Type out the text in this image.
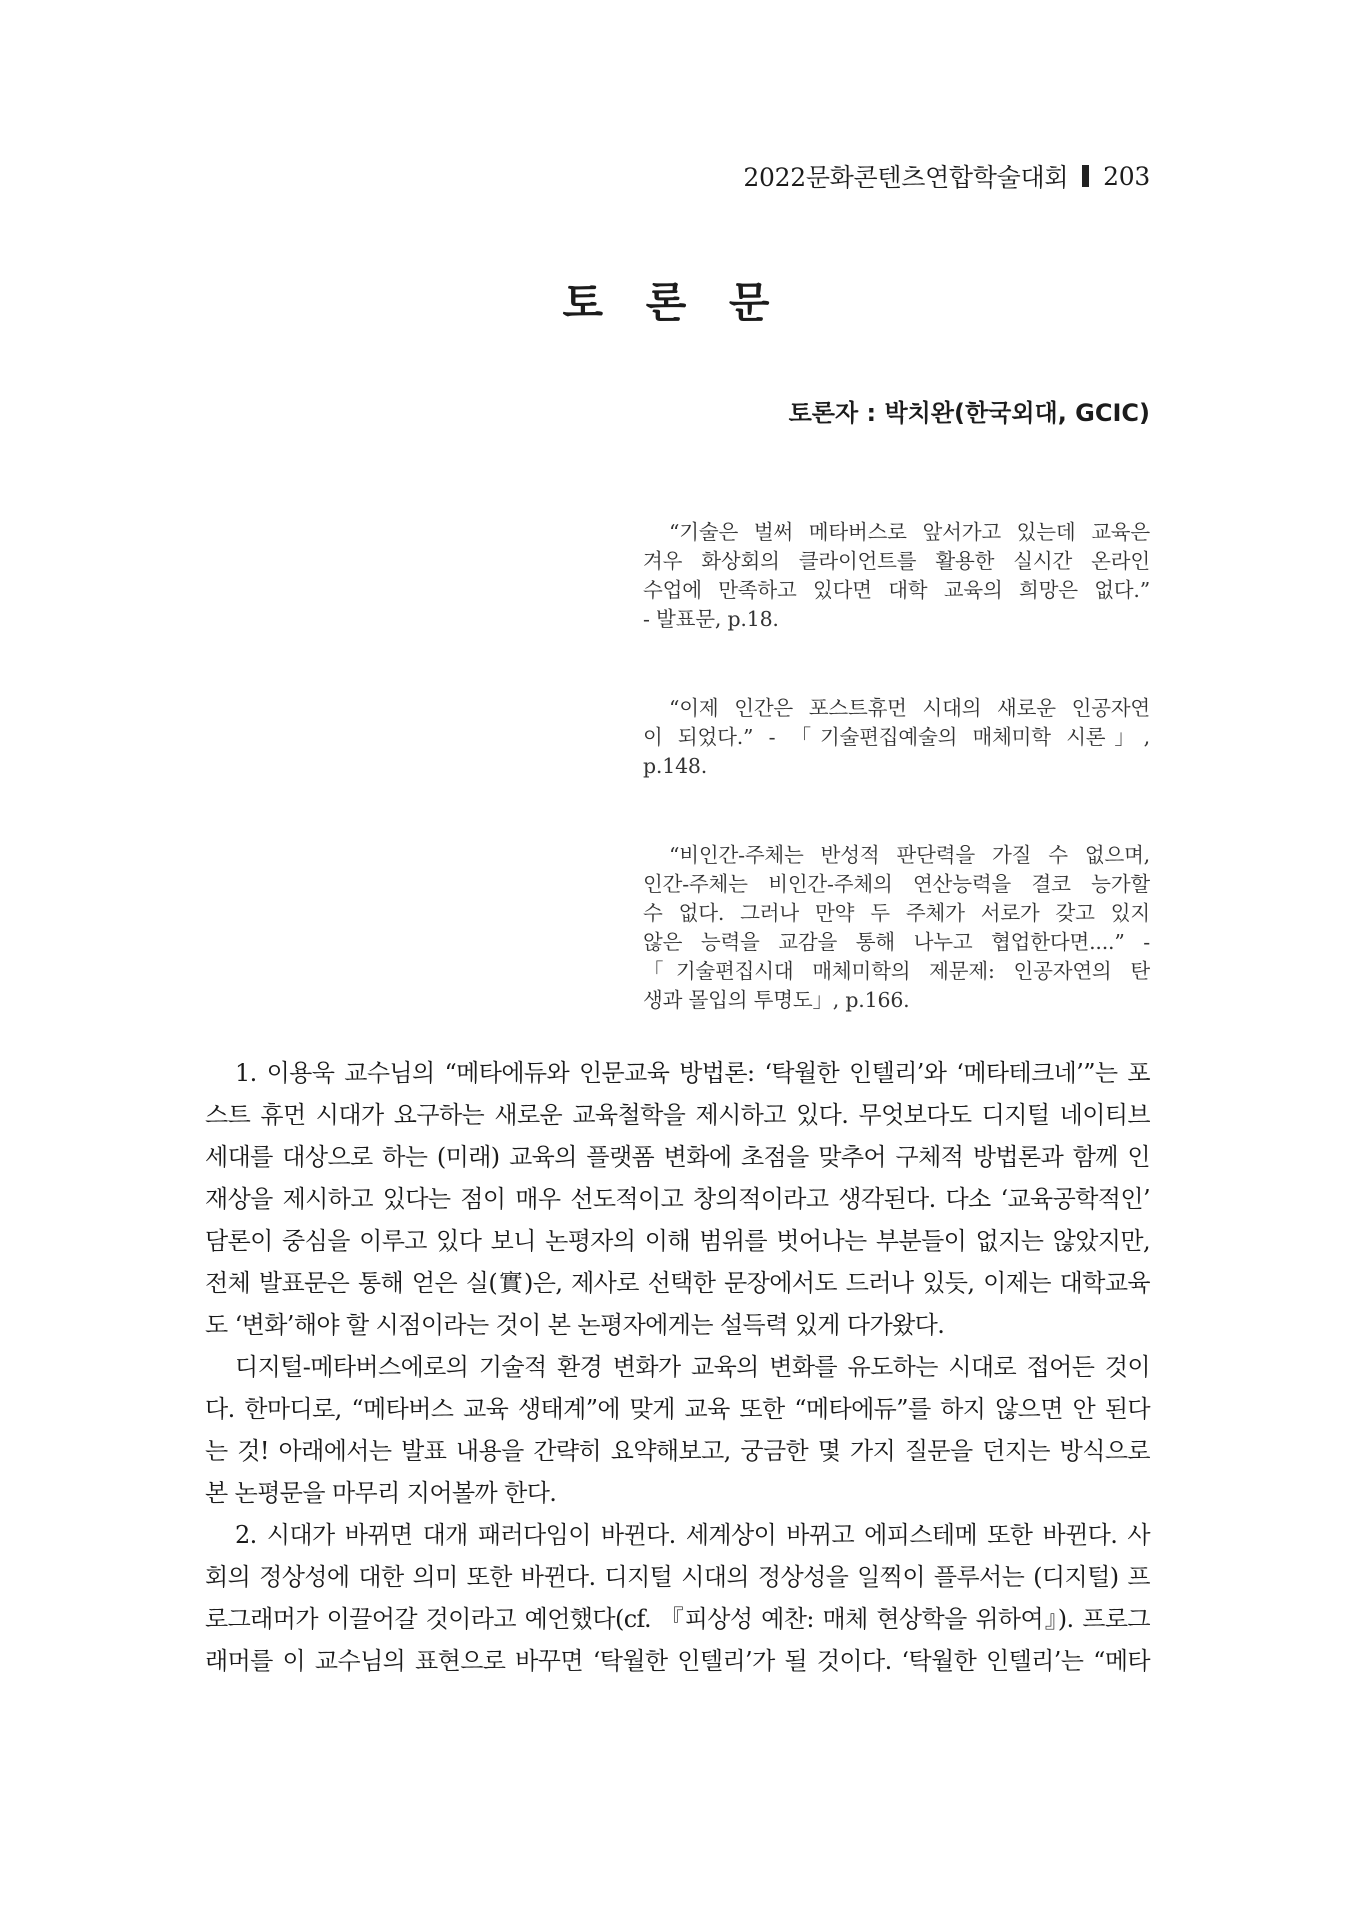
2022문화콘텐츠연합학술대회 203
토 론 문
토론자 : 박치완(한국외대, GCIC)
“기술은 벌써 메타버스로 앞서가고 있는데 교육은
겨우 화상회의 클라이언트를 활용한 실시간 온라인
수업에 만족하고 있다면 대학 교육의 희망은 없다.”
- 발표문, p.18.
“이제 인간은 포스트휴먼 시대의 새로운 인공자연
이 되었다.” - 「기술편집예술의 매체미학 시론」,
p.148.
“비인간-주체는 반성적 판단력을 가질 수 없으며,
인간-주체는 비인간-주체의 연산능력을 결코 능가할
수 없다. 그러나 만약 두 주체가 서로가 갖고 있지
않은 능력을 교감을 통해 나누고 협업한다면....” -
「기술편집시대 매체미학의 제문제: 인공자연의 탄
생과 몰입의 투명도」, p.166.
1. 이용욱 교수님의 “메타에듀와 인문교육 방법론: ‘탁월한 인텔리’와 ‘메타테크네’”는 포
스트 휴먼 시대가 요구하는 새로운 교육철학을 제시하고 있다. 무엇보다도 디지털 네이티브
세대를 대상으로 하는 (미래) 교육의 플랫폼 변화에 초점을 맞추어 구체적 방법론과 함께 인
재상을 제시하고 있다는 점이 매우 선도적이고 창의적이라고 생각된다. 다소 ‘교육공학적인’
담론이 중심을 이루고 있다 보니 논평자의 이해 범위를 벗어나는 부분들이 없지는 않았지만,
전체 발표문은 통해 얻은 실(實)은, 제사로 선택한 문장에서도 드러나 있듯, 이제는 대학교육
도 ‘변화’해야 할 시점이라는 것이 본 논평자에게는 설득력 있게 다가왔다.
디지털-메타버스에로의 기술적 환경 변화가 교육의 변화를 유도하는 시대로 접어든 것이
다. 한마디로, “메타버스 교육 생태계”에 맞게 교육 또한 “메타에듀”를 하지 않으면 안 된다
는 것! 아래에서는 발표 내용을 간략히 요약해보고, 궁금한 몇 가지 질문을 던지는 방식으로
본 논평문을 마무리 지어볼까 한다.
2. 시대가 바뀌면 대개 패러다임이 바뀐다. 세계상이 바뀌고 에피스테메 또한 바뀐다. 사
회의 정상성에 대한 의미 또한 바뀐다. 디지털 시대의 정상성을 일찍이 플루서는 (디지털) 프
로그래머가 이끌어갈 것이라고 예언했다(cf. 『피상성 예찬: 매체 현상학을 위하여』). 프로그
래머를 이 교수님의 표현으로 바꾸면 ‘탁월한 인텔리’가 될 것이다. ‘탁월한 인텔리’는 “메타
